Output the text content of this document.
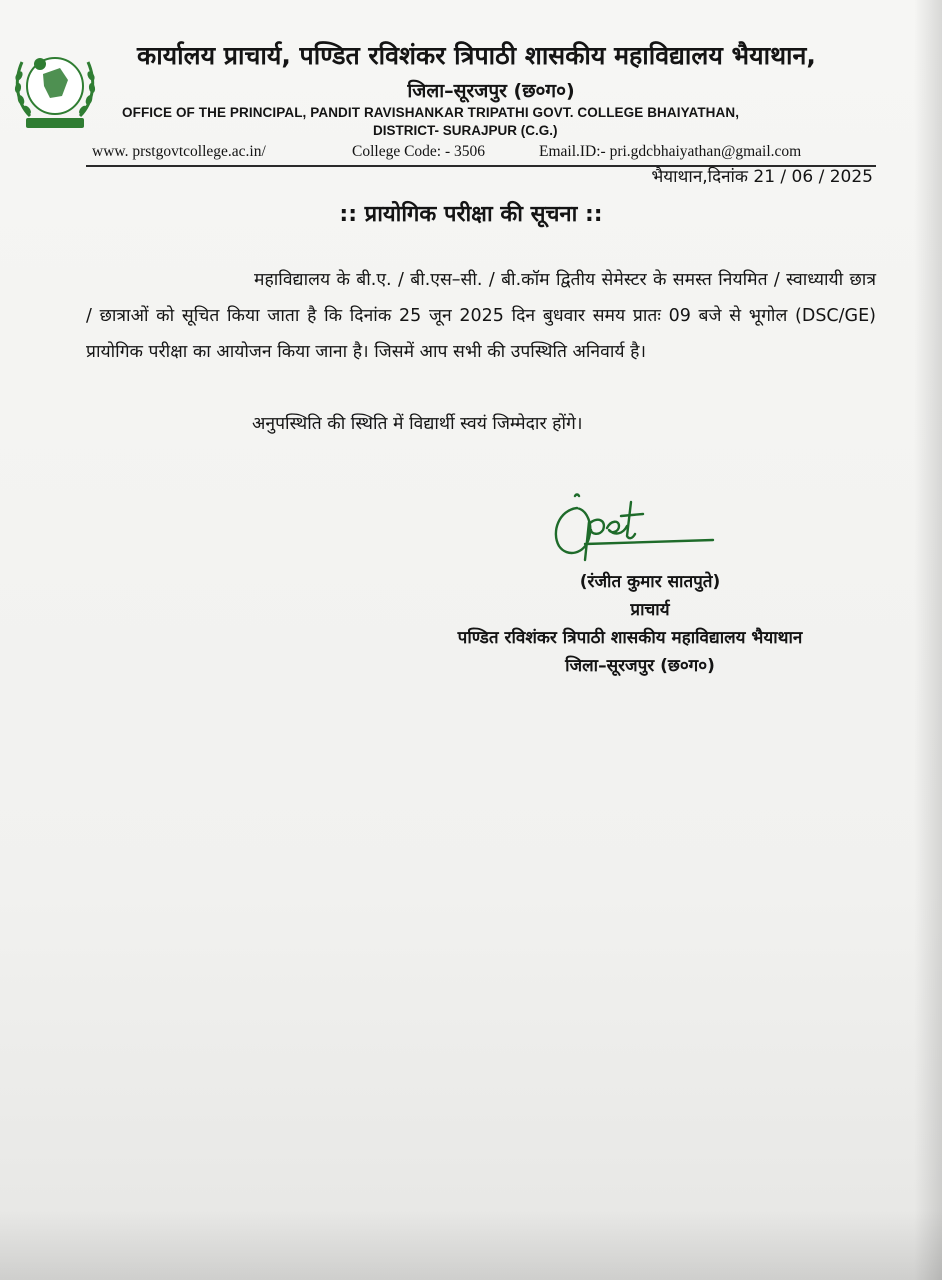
कार्यालय प्राचार्य, पण्डित रविशंकर त्रिपाठी शासकीय महाविद्यालय भैयाथान,
जिला–सूरजपुर (छ०ग०)
OFFICE OF THE PRINCIPAL, PANDIT RAVISHANKAR TRIPATHI GOVT. COLLEGE BHAIYATHAN,
DISTRICT- SURAJPUR (C.G.)
www. prstgovtcollege.ac.in/	College Code: - 3506	Email.ID:- pri.gdcbhaiyathan@gmail.com
भैयाथान,दिनांक 21 / 06 / 2025
:: प्रायोगिक परीक्षा की सूचना ::
महाविद्यालय के बी.ए. / बी.एस–सी. / बी.कॉम द्वितीय सेमेस्टर के समस्त नियमित / स्वाध्यायी छात्र / छात्राओं को सूचित किया जाता है कि दिनांक 25 जून 2025 दिन बुधवार समय प्रातः 09 बजे से भूगोल (DSC/GE) प्रायोगिक परीक्षा का आयोजन किया जाना है। जिसमें आप सभी की उपस्थिति अनिवार्य है।
अनुपस्थिति की स्थिति में विद्यार्थी स्वयं जिम्मेदार होंगे।
(रंजीत कुमार सातपुते)
प्राचार्य
पण्डित रविशंकर त्रिपाठी शासकीय महाविद्यालय भैयाथान
जिला–सूरजपुर (छ०ग०)
